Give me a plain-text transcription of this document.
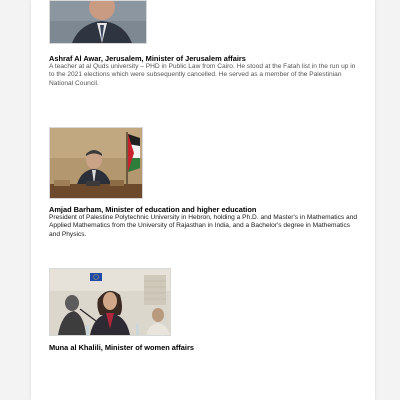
Ashraf Al Awar, Jerusalem, Minister of Jerusalem affairs

A teacher at al Quds university – PHD in Public Law from Cairo. He stood at the Fatah list in the run up in to the 2021 elections which were subsequently cancelled. He served as a member of the Palestinian National Council.

Amjad Barham, Minister of education and higher education

President of Palestine Polytechnic University in Hebron, holding a Ph.D. and Master's in Mathematics and Applied Mathematics from the University of Rajasthan in India, and a Bachelor's degree in Mathematics and Physics.

Muna al Khalili, Minister of women affairs
